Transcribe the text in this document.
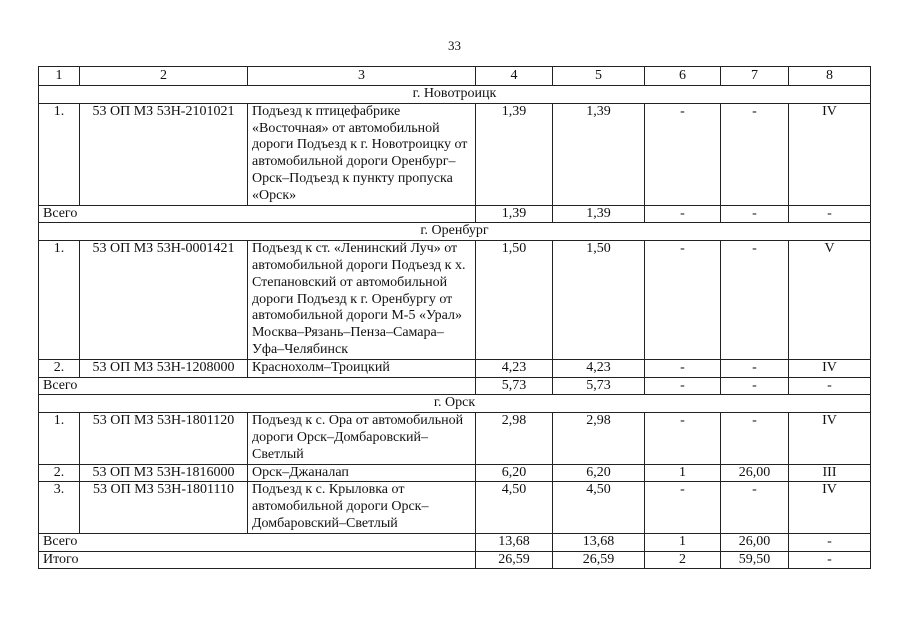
33
1	2	3	4	5	6	7	8
г. Новотроицк							
1.	53 ОП МЗ 53Н-2101021	Подъезд к птицефабрике «Восточная» от автомобильной дороги Подъезд к г. Новотроицку от автомобильной дороги Оренбург–Орск–Подъезд к пункту пропуска «Орск»	1,39	1,39	-	-	IV
Всего			1,39	1,39	-	-	-
г. Оренбург							
1.	53 ОП МЗ 53Н-0001421	Подъезд к ст. «Ленинский Луч» от автомобильной дороги Подъезд к х. Степановский от автомобильной дороги Подъезд к г. Оренбургу от автомобильной дороги М-5 «Урал» Москва–Рязань–Пенза–Самара–Уфа–Челябинск	1,50	1,50	-	-	V
2.	53 ОП МЗ 53Н-1208000	Краснохолм–Троицкий	4,23	4,23	-	-	IV
Всего			5,73	5,73	-	-	-
г. Орск							
1.	53 ОП МЗ 53Н-1801120	Подъезд к с. Ора от автомобильной дороги Орск–Домбаровский–Светлый	2,98	2,98	-	-	IV
2.	53 ОП МЗ 53Н-1816000	Орск–Джаналап	6,20	6,20	1	26,00	III
3.	53 ОП МЗ 53Н-1801110	Подъезд к с. Крыловка от автомобильной дороги Орск–Домбаровский–Светлый	4,50	4,50	-	-	IV
Всего			13,68	13,68	1	26,00	-
Итого			26,59	26,59	2	59,50	-
